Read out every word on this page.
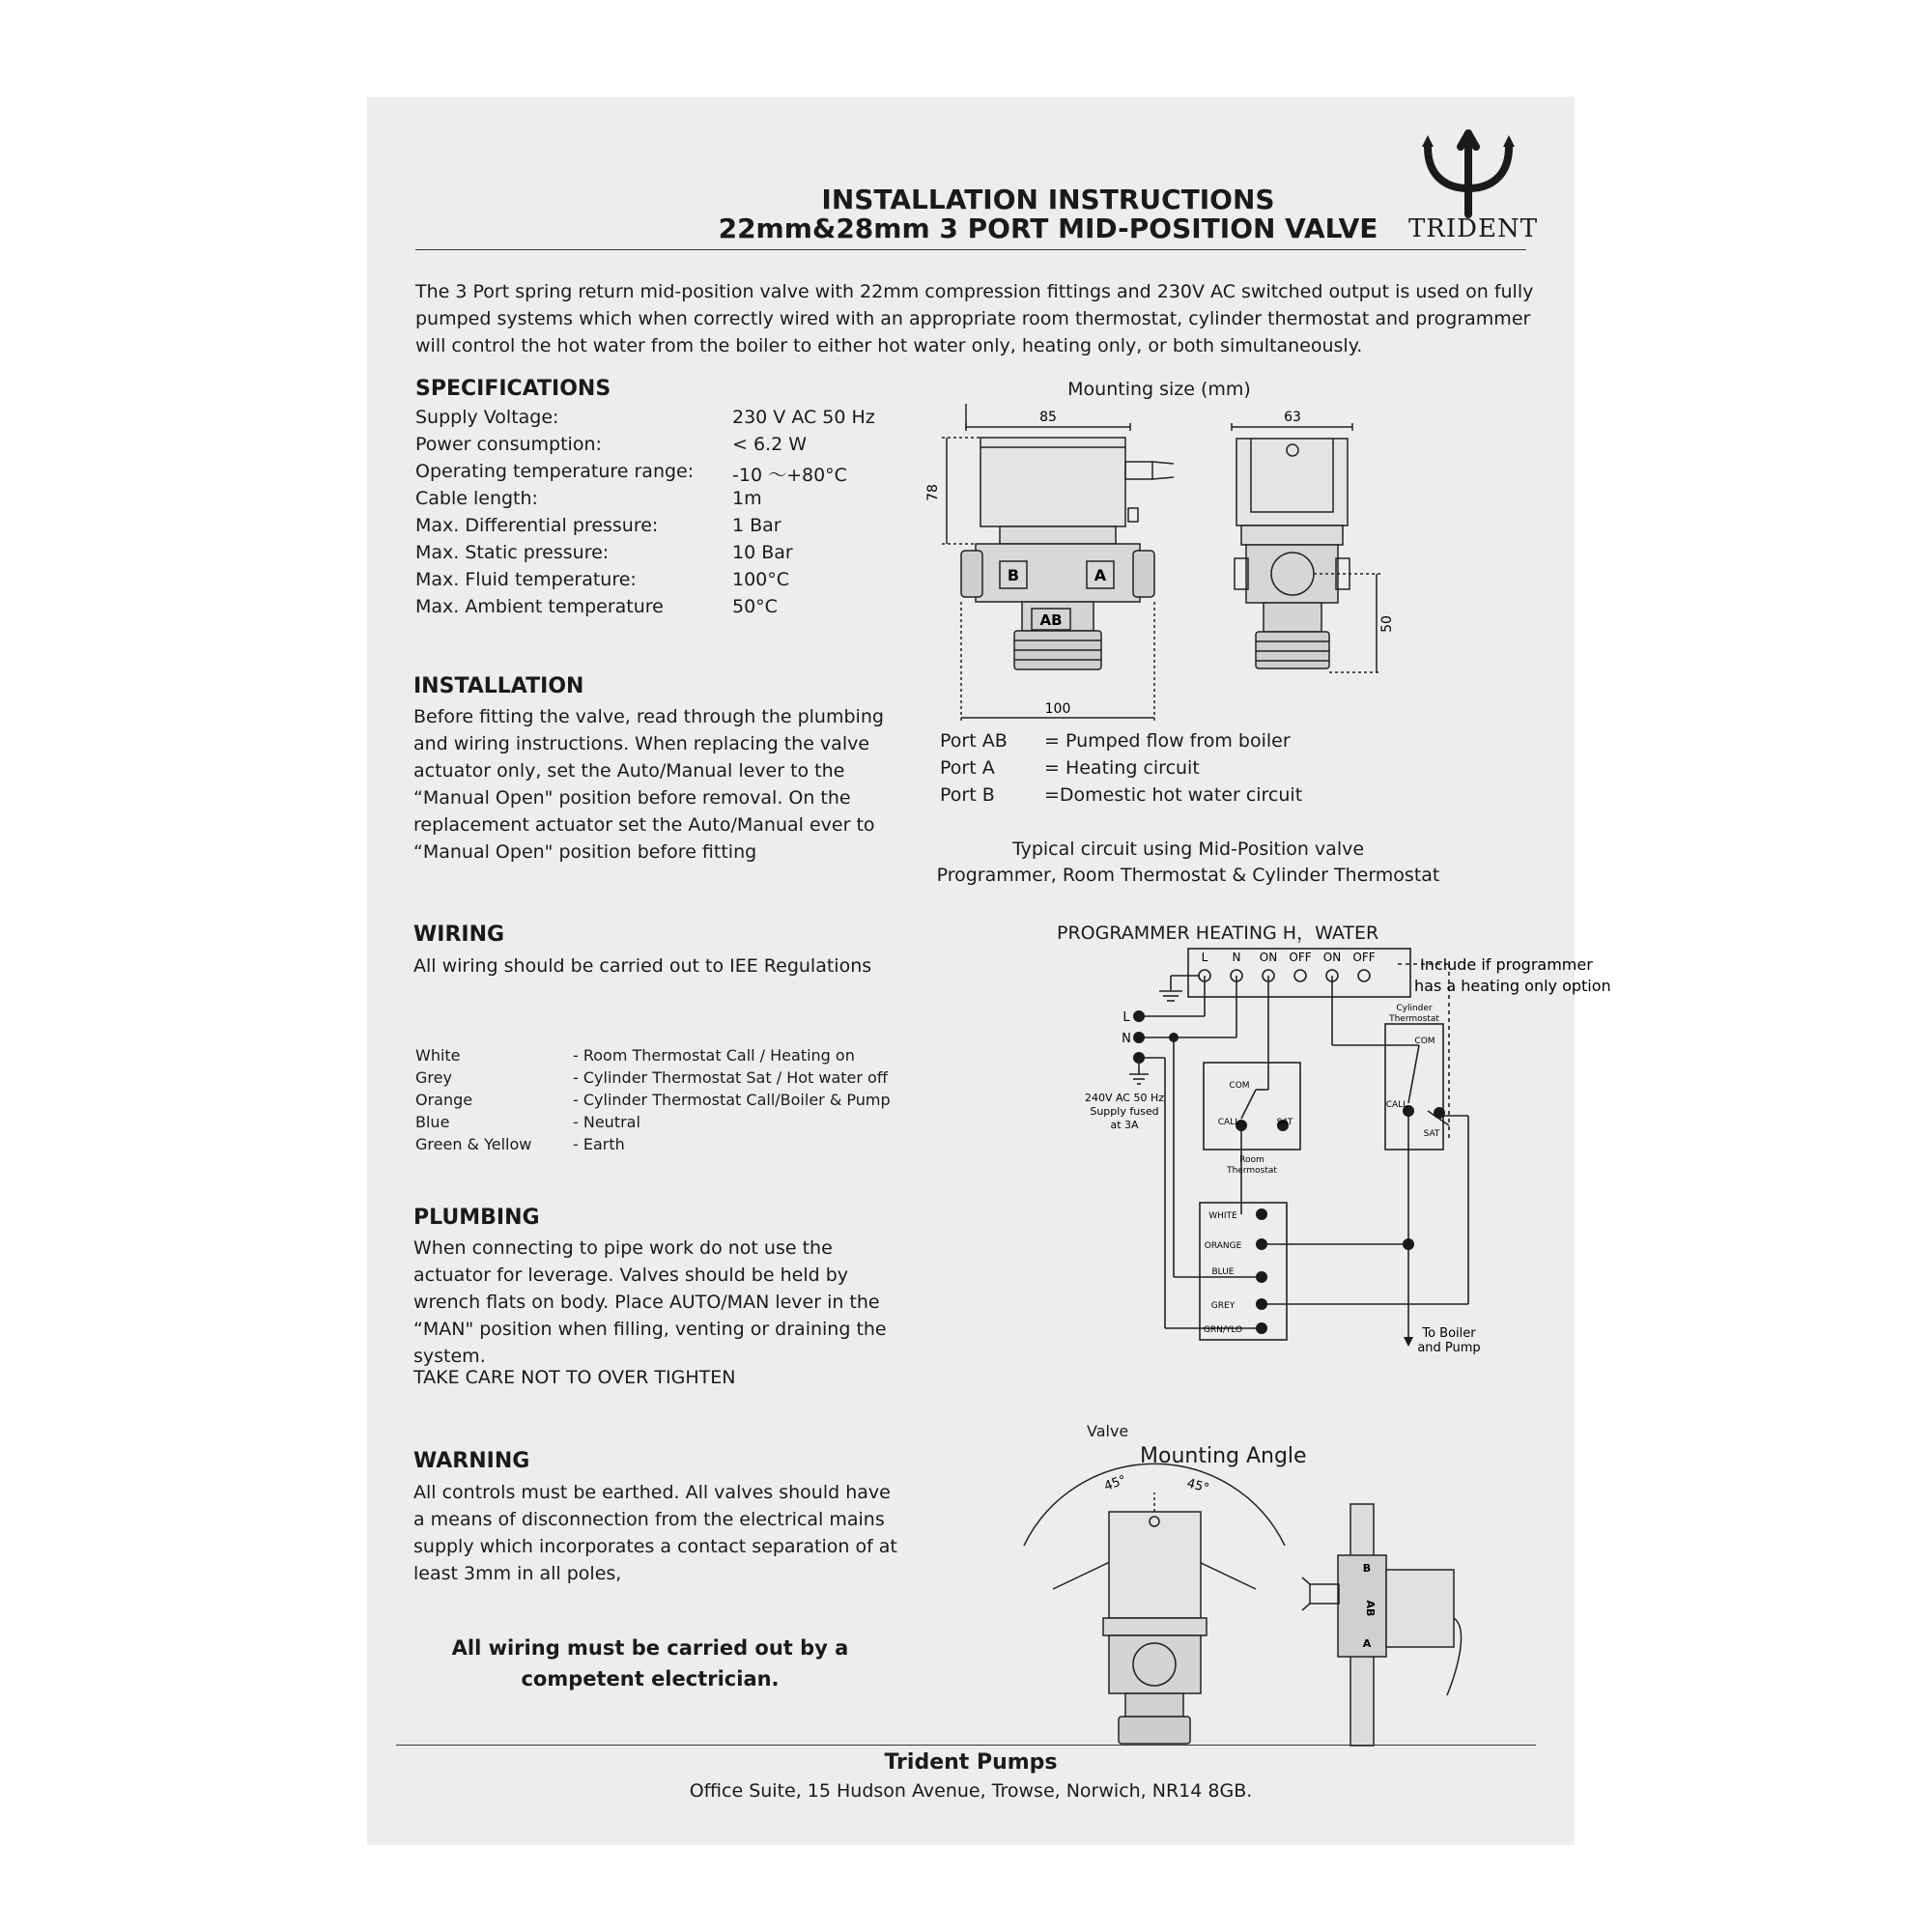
TRIDENT
INSTALLATION INSTRUCTIONS
22mm&28mm 3 PORT MID-POSITION VALVE
The 3 Port spring return mid-position valve with 22mm compression fittings and 230V AC switched output is used on fully pumped systems which when correctly wired with an appropriate room thermostat, cylinder thermostat and programmer will control the hot water from the boiler to either hot water only, heating only, or both simultaneously.
SPECIFICATIONS
Supply Voltage:	230 V AC 50 Hz
Power consumption:	< 6.2 W
Operating temperature range: -10 ～+80°C
Cable length:	1m
Max. Differential pressure:	1 Bar
Max. Static pressure:	10 Bar
Max. Fluid temperature:	100°C
Max. Ambient temperature	50°C
INSTALLATION
Before fitting the valve, read through the plumbing and wiring instructions. When replacing the valve actuator only, set the Auto/Manual lever to the “Manual Open" position before removal. On the replacement actuator set the Auto/Manual ever to “Manual Open" position before fitting
WIRING
All wiring should be carried out to IEE Regulations
White	- Room Thermostat Call / Heating on
Grey	- Cylinder Thermostat Sat / Hot water off
Orange	- Cylinder Thermostat Call/Boiler & Pump
Blue	- Neutral
Green & Yellow	- Earth
PLUMBING
When connecting to pipe work do not use the actuator for leverage. Valves should be held by wrench flats on body. Place AUTO/MAN lever in the “MAN" position when filling, venting or draining the system.
TAKE CARE NOT TO OVER TIGHTEN
WARNING
All controls must be earthed. All valves should have a means of disconnection from the electrical mains supply which incorporates a contact separation of at least 3mm in all poles,
All wiring must be carried out by a
competent electrician.
Mounting size (mm)
85	63
78
50
100
B	A
AB
Port AB = Pumped flow from boiler
Port A	= Heating circuit
Port B	=Domestic hot water circuit
Typical circuit using Mid-Position valve
Programmer, Room Thermostat & Cylinder Thermostat
PROGRAMMER HEATING H，WATER
L N ON OFF ON OFF	Include if programmer
has a heating only option
L
N
240V AC 50 Hz
Supply fused
at 3A
COM
CALL	SAT
Room
Thermostat
Cylinder
Thermostat
COM
CALL
SAT
WHITE
ORANGE
BLUE
GREY
GRN/YLO	To Boiler
and Pump
Valve
Mounting Angle
45°	45°
B
AB
A
Trident Pumps
Office Suite, 15 Hudson Avenue, Trowse, Norwich, NR14 8GB.
